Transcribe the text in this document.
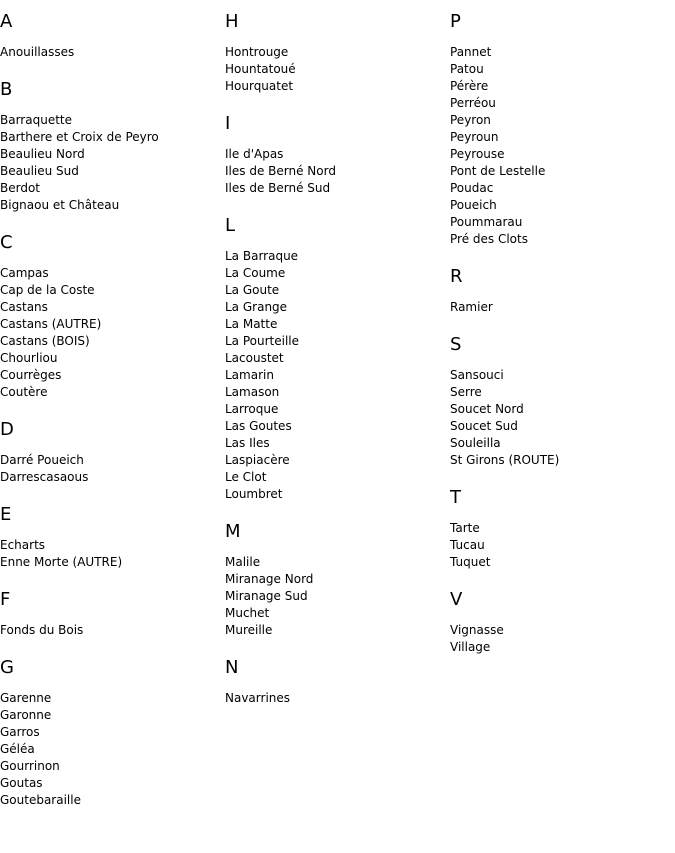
A
Anouillasses
B
Barraquette
Barthere et Croix de Peyro
Beaulieu Nord
Beaulieu Sud
Berdot
Bignaou et Château
C
Campas
Cap de la Coste
Castans
Castans (AUTRE)
Castans (BOIS)
Chourliou
Courrèges
Coutère
D
Darré Poueich
Darrescasaous
E
Echarts
Enne Morte (AUTRE)
F
Fonds du Bois
G
Garenne
Garonne
Garros
Géléa
Gourrinon
Goutas
Goutebaraille
H
Hontrouge
Hountatoué
Hourquatet
I
Ile d'Apas
Iles de Berné Nord
Iles de Berné Sud
L
La Barraque
La Coume
La Goute
La Grange
La Matte
La Pourteille
Lacoustet
Lamarin
Lamason
Larroque
Las Goutes
Las Iles
Laspiacère
Le Clot
Loumbret
M
Malile
Miranage Nord
Miranage Sud
Muchet
Mureille
N
Navarrines
P
Pannet
Patou
Pérère
Perréou
Peyron
Peyroun
Peyrouse
Pont de Lestelle
Poudac
Poueich
Poummarau
Pré des Clots
R
Ramier
S
Sansouci
Serre
Soucet Nord
Soucet Sud
Souleilla
St Girons (ROUTE)
T
Tarte
Tucau
Tuquet
V
Vignasse
Village
